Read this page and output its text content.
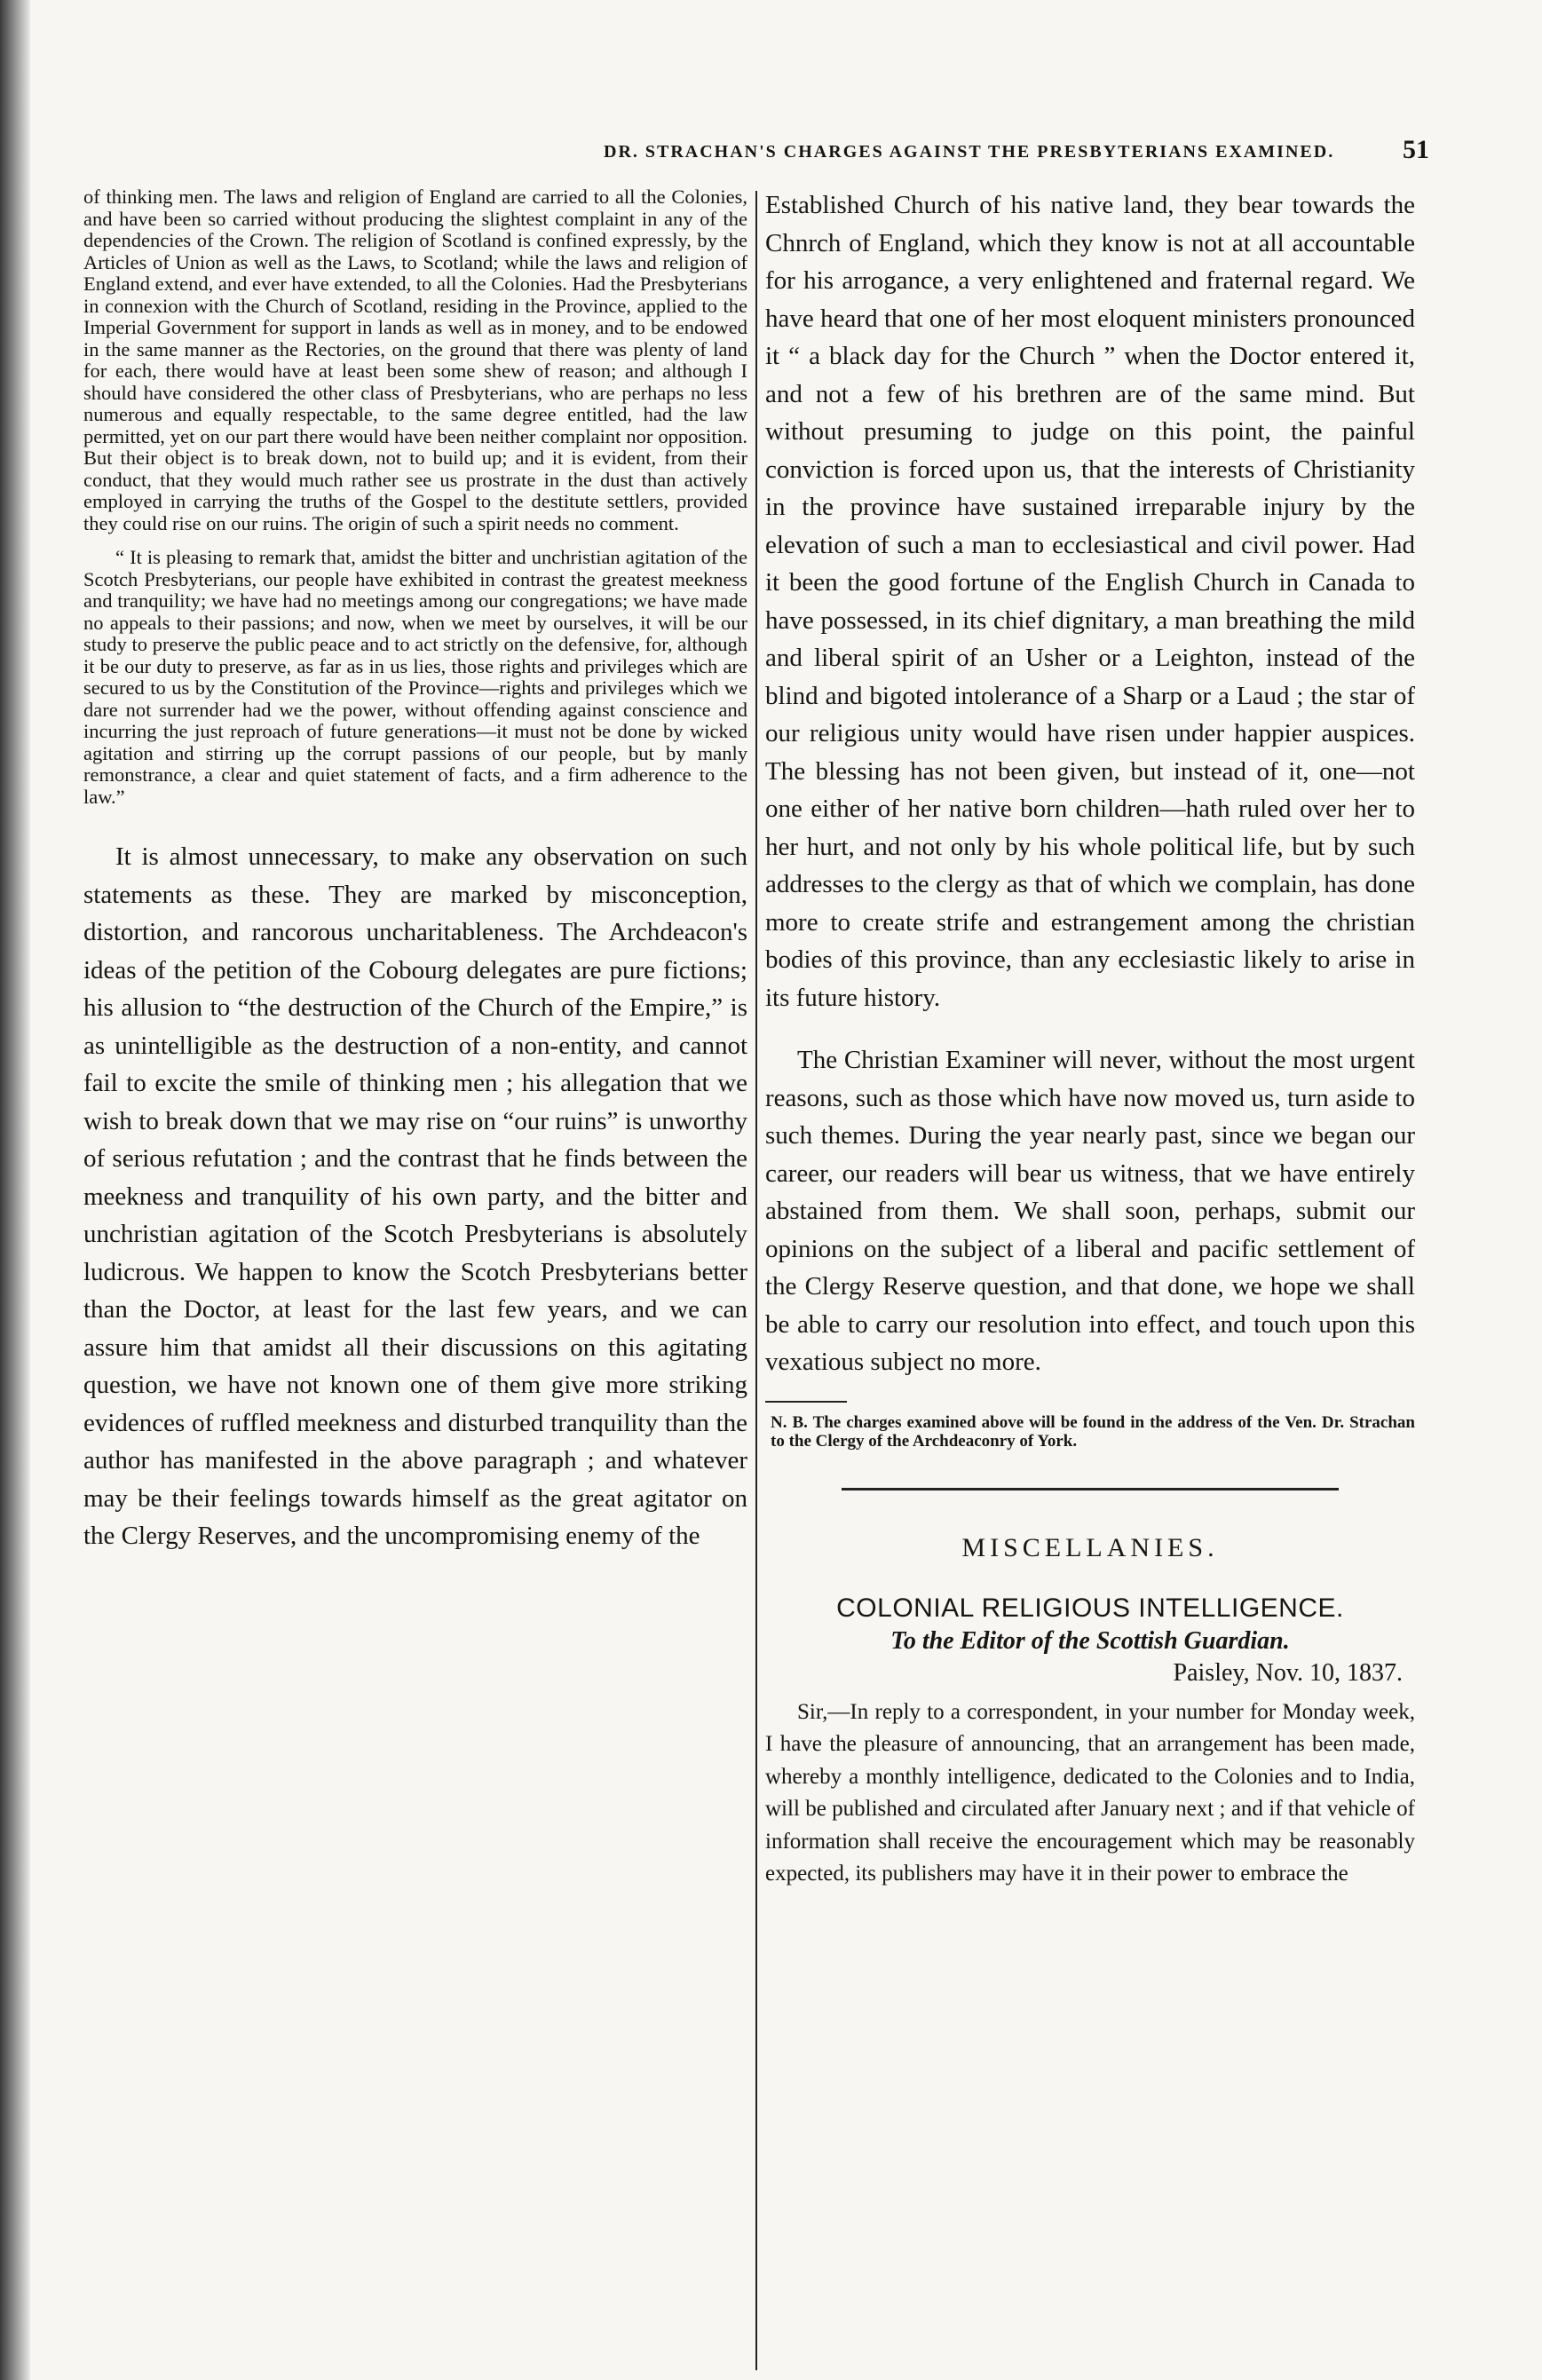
DR. STRACHAN'S CHARGES AGAINST THE PRESBYTERIANS EXAMINED.	51

of thinking men. The laws and religion of England are carried to all the Colonies, and have been so carried without producing the slightest complaint in any of the dependencies of the Crown. The religion of Scotland is confined expressly, by the Articles of Union as well as the Laws, to Scotland; while the laws and religion of England extend, and ever have extended, to all the Colonies. Had the Presbyterians in connexion with the Church of Scotland, residing in the Province, applied to the Imperial Government for support in lands as well as in money, and to be endowed in the same manner as the Rectories, on the ground that there was plenty of land for each, there would have at least been some shew of reason; and although I should have considered the other class of Presbyterians, who are perhaps no less numerous and equally respectable, to the same degree entitled, had the law permitted, yet on our part there would have been neither complaint nor opposition. But their object is to break down, not to build up; and it is evident, from their conduct, that they would much rather see us prostrate in the dust than actively employed in carrying the truths of the Gospel to the destitute settlers, provided they could rise on our ruins. The origin of such a spirit needs no comment.

“ It is pleasing to remark that, amidst the bitter and unchristian agitation of the Scotch Presbyterians, our people have exhibited in contrast the greatest meekness and tranquility; we have had no meetings among our congregations; we have made no appeals to their passions; and now, when we meet by ourselves, it will be our study to preserve the public peace and to act strictly on the defensive, for, although it be our duty to preserve, as far as in us lies, those rights and privileges which are secured to us by the Constitution of the Province—rights and privileges which we dare not surrender had we the power, without offending against conscience and incurring the just reproach of future generations—it must not be done by wicked agitation and stirring up the corrupt passions of our people, but by manly remonstrance, a clear and quiet statement of facts, and a firm adherence to the law.”

It is almost unnecessary, to make any observation on such statements as these. They are marked by misconception, distortion, and rancorous uncharitableness. The Archdeacon's ideas of the petition of the Cobourg delegates are pure fictions; his allusion to “the destruction of the Church of the Empire,” is as unintelligible as the destruction of a non-entity, and cannot fail to excite the smile of thinking men ; his allegation that we wish to break down that we may rise on “our ruins” is unworthy of serious refutation ; and the contrast that he finds between the meekness and tranquility of his own party, and the bitter and unchristian agitation of the Scotch Presbyterians is absolutely ludicrous. We happen to know the Scotch Presbyterians better than the Doctor, at least for the last few years, and we can assure him that amidst all their discussions on this agitating question, we have not known one of them give more striking evidences of ruffled meekness and disturbed tranquility than the author has manifested in the above paragraph ; and whatever may be their feelings towards himself as the great agitator on the Clergy Reserves, and the uncompromising enemy of the

Established Church of his native land, they bear towards the Chnrch of England, which they know is not at all accountable for his arrogance, a very enlightened and fraternal regard. We have heard that one of her most eloquent ministers pronounced it “ a black day for the Church ” when the Doctor entered it, and not a few of his brethren are of the same mind. But without presuming to judge on this point, the painful conviction is forced upon us, that the interests of Christianity in the province have sustained irreparable injury by the elevation of such a man to ecclesiastical and civil power. Had it been the good fortune of the English Church in Canada to have possessed, in its chief dignitary, a man breathing the mild and liberal spirit of an Usher or a Leighton, instead of the blind and bigoted intolerance of a Sharp or a Laud ; the star of our religious unity would have risen under happier auspices. The blessing has not been given, but instead of it, one—not one either of her native born children—hath ruled over her to her hurt, and not only by his whole political life, but by such addresses to the clergy as that of which we complain, has done more to create strife and estrangement among the christian bodies of this province, than any ecclesiastic likely to arise in its future history.

The Christian Examiner will never, without the most urgent reasons, such as those which have now moved us, turn aside to such themes. During the year nearly past, since we began our career, our readers will bear us witness, that we have entirely abstained from them. We shall soon, perhaps, submit our opinions on the subject of a liberal and pacific settlement of the Clergy Reserve question, and that done, we hope we shall be able to carry our resolution into effect, and touch upon this vexatious subject no more.

N. B. The charges examined above will be found in the address of the Ven. Dr. Strachan to the Clergy of the Archdeaconry of York.

MISCELLANIES.
COLONIAL RELIGIOUS INTELLIGENCE.
To the Editor of the Scottish Guardian.
Paisley, Nov. 10, 1837.

Sir,—In reply to a correspondent, in your number for Monday week, I have the pleasure of announcing, that an arrangement has been made, whereby a monthly intelligence, dedicated to the Colonies and to India, will be published and circulated after January next ; and if that vehicle of information shall receive the encouragement which may be reasonably expected, its publishers may have it in their power to embrace the
